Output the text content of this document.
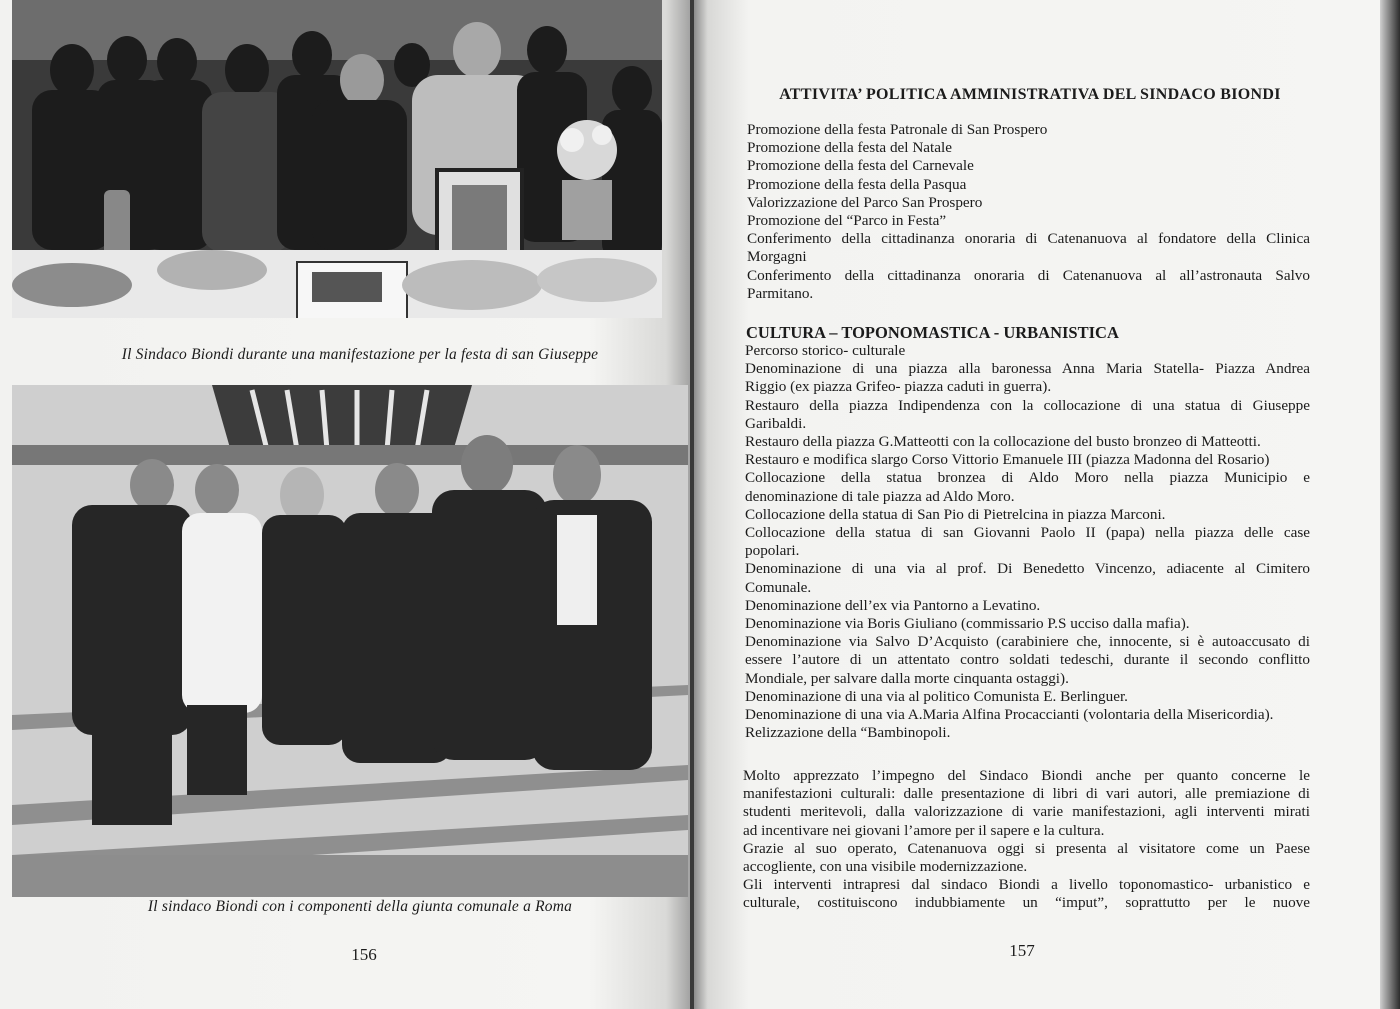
Il Sindaco Biondi durante una manifestazione per la festa di san Giuseppe
Il sindaco Biondi con i componenti della giunta comunale a Roma
156
ATTIVITA’ POLITICA AMMINISTRATIVA DEL SINDACO BIONDI
Promozione della festa Patronale di San Prospero
Promozione della festa del Natale
Promozione della festa del Carnevale
Promozione della festa della Pasqua
Valorizzazione del Parco San Prospero
Promozione del “Parco in Festa”
Conferimento della cittadinanza onoraria di Catenanuova al fondatore della Clinica
Morgagni
Conferimento della cittadinanza onoraria di Catenanuova al all’astronauta Salvo
Parmitano.
CULTURA – TOPONOMASTICA - URBANISTICA
Percorso storico- culturale
Denominazione di una piazza alla baronessa Anna Maria Statella- Piazza Andrea
Riggio (ex piazza Grifeo- piazza caduti in guerra).
Restauro della piazza Indipendenza con la collocazione di una statua di Giuseppe
Garibaldi.
Restauro della piazza G.Matteotti con la collocazione del busto bronzeo di Matteotti.
Restauro e modifica slargo Corso Vittorio Emanuele III (piazza Madonna del Rosario)
Collocazione della statua bronzea di Aldo Moro nella piazza Municipio e
denominazione di tale piazza ad Aldo Moro.
Collocazione della statua di San Pio di Pietrelcina in piazza Marconi.
Collocazione della statua di san Giovanni Paolo II (papa) nella piazza delle case
popolari.
Denominazione di una via al prof. Di Benedetto Vincenzo, adiacente al Cimitero
Comunale.
Denominazione dell’ex via Pantorno a Levatino.
Denominazione via Boris Giuliano (commissario P.S ucciso dalla mafia).
Denominazione via Salvo D’Acquisto (carabiniere che, innocente, si è autoaccusato di
essere l’autore di un attentato contro soldati tedeschi, durante il secondo conflitto
Mondiale, per salvare dalla morte cinquanta ostaggi).
Denominazione di una via al politico Comunista E. Berlinguer.
Denominazione di una via A.Maria Alfina Procaccianti (volontaria della Misericordia).
Relizzazione della “Bambinopoli.
Molto apprezzato l’impegno del Sindaco Biondi anche per quanto concerne le
manifestazioni culturali: dalle presentazione di libri di vari autori, alle premiazione di
studenti meritevoli, dalla valorizzazione di varie manifestazioni, agli interventi mirati
ad incentivare nei giovani l’amore per il sapere e la cultura.
Grazie al suo operato, Catenanuova oggi si presenta al visitatore come un Paese
accogliente, con una visibile modernizzazione.
Gli interventi intrapresi dal sindaco Biondi a livello toponomastico- urbanistico e
culturale, costituiscono indubbiamente un “imput”, soprattutto per le nuove
157
